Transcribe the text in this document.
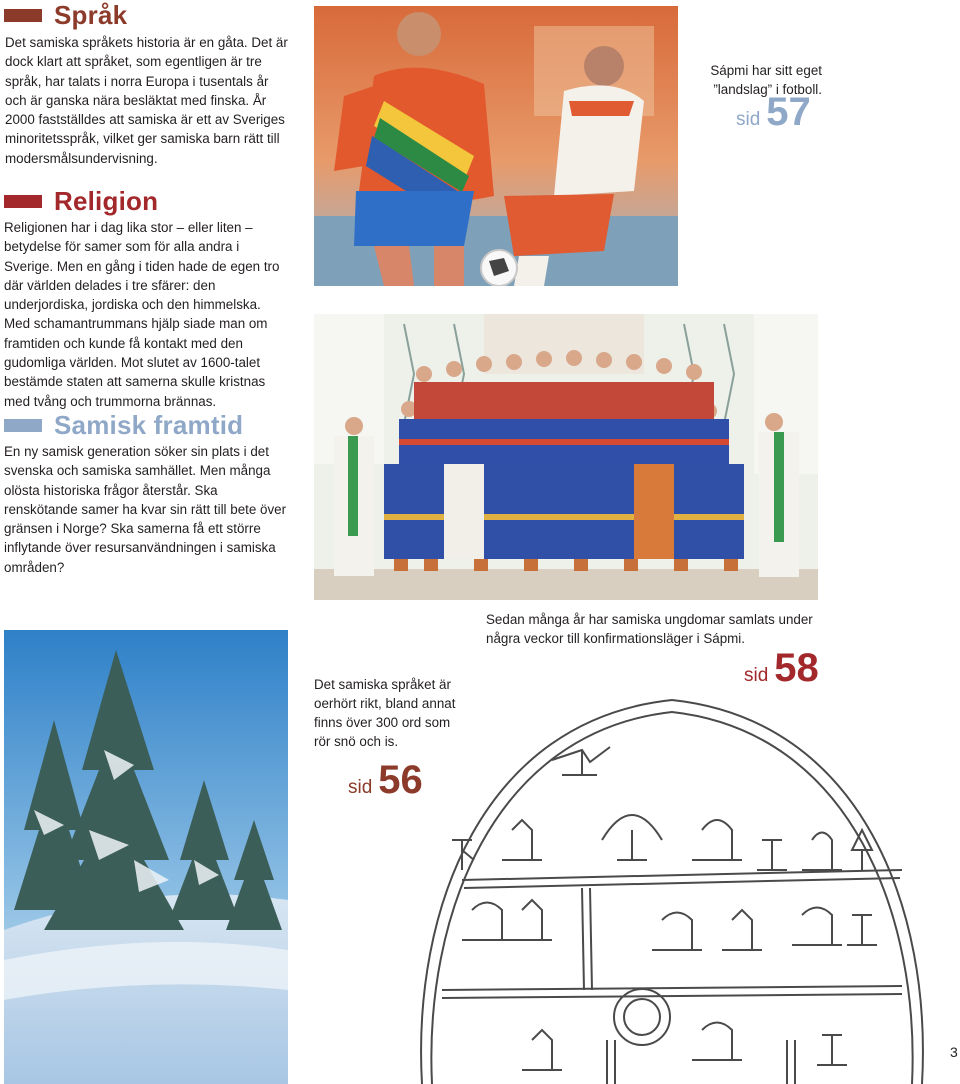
Språk

Det samiska språkets historia är en gåta. Det är dock klart att språket, som egentligen är tre språk, har talats i norra Europa i tusentals år och är ganska nära besläktat med finska. År 2000 fastställdes att samiska är ett av Sveriges minoritetsspråk, vilket ger samiska barn rätt till modersmålsundervisning.

Religion

Religionen har i dag lika stor – eller liten – betydelse för samer som för alla andra i Sverige. Men en gång i tiden hade de egen tro där världen delades i tre sfärer: den underjordiska, jordiska och den himmelska. Med schamantrummans hjälp siade man om framtiden och kunde få kontakt med den gudomliga världen. Mot slutet av 1600-talet bestämde staten att samerna skulle kristnas med tvång och trummorna brännas.

Samisk framtid

En ny samisk generation söker sin plats i det svenska och samiska samhället. Men många olösta historiska frågor återstår. Ska renskötande samer ha kvar sin rätt till bete över gränsen i Norge? Ska samerna få ett större inflytande över resursanvändningen i samiska områden?

Sápmi har sitt eget ”landslag” i fotboll.

sid 57

Sedan många år har samiska ungdomar samlats under några veckor till konfirmationsläger i Sápmi.

sid 58

Det samiska språket är oerhört rikt, bland annat finns över 300 ord som rör snö och is.

sid 56
3
